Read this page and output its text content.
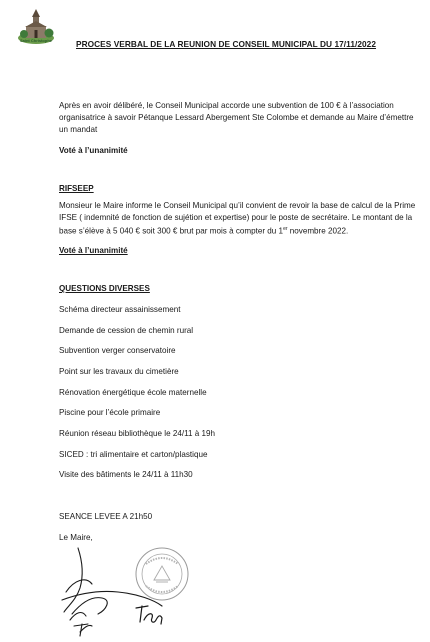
Saint Christophe	PROCES VERBAL DE LA REUNION DE CONSEIL MUNICIPAL DU 17/11/2022
Après en avoir délibéré, le Conseil Municipal accorde une subvention de 100 € à l’association
organisatrice à savoir Pétanque Lessard Abergement Ste Colombe et demande au Maire d’émettre
un mandat
Voté à l’unanimité
RIFSEEP
Monsieur le Maire informe le Conseil Municipal qu’il convient de revoir la base de calcul de la Prime
IFSE ( indemnité de fonction de sujétion et expertise) pour le poste de secrétaire. Le montant de la
base s’élève à 5 040 € soit 300 € brut par mois à compter du 1er novembre 2022.
Voté à l’unanimité
QUESTIONS DIVERSES
Schéma directeur assainissement
Demande de cession de chemin rural
Subvention verger conservatoire
Point sur les travaux du cimetière
Rénovation énergétique école maternelle
Piscine pour l’école primaire
Réunion réseau bibliothèque le 24/11 à 19h
SICED : tri alimentaire et carton/plastique
Visite des bâtiments le 24/11 à 11h30
SEANCE LEVEE A 21h50
Le Maire,
